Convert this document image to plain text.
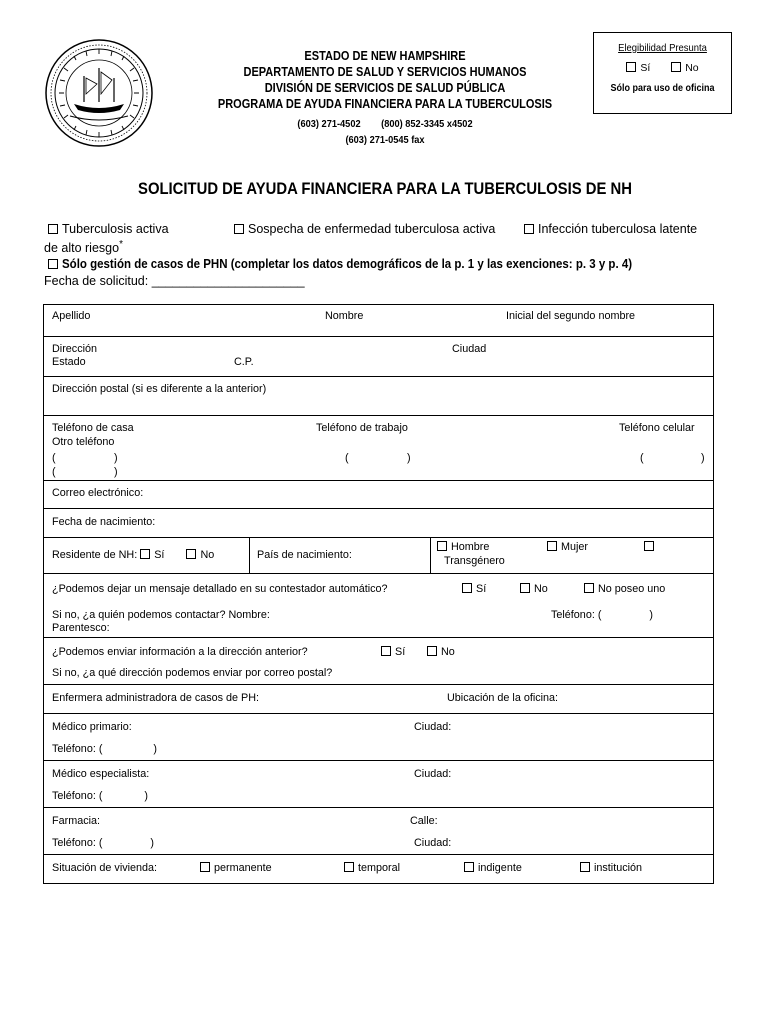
ESTADO DE NEW HAMPSHIRE
DEPARTAMENTO DE SALUD Y SERVICIOS HUMANOS
DIVISIÓN DE SERVICIOS DE SALUD PÚBLICA
PROGRAMA DE AYUDA FINANCIERA PARA LA TUBERCULOSIS
(603) 271-4502        (800) 852-3345 x4502
(603) 271-0545 fax
Elegibilidad Presunta
Sí	No
Sólo para uso de oficina
SOLICITUD DE AYUDA FINANCIERA PARA LA TUBERCULOSIS DE NH
Tuberculosis activa	Sospecha de enfermedad tuberculosa activa	Infección tuberculosa latente
de alto riesgo*
Sólo gestión de casos de PHN (completar los datos demográficos de la p. 1 y las exenciones: p. 3 y p. 4)
Fecha de solicitud: ______________________
Apellido	Nombre	Inicial del segundo nombre
Dirección	Ciudad
Estado	C.P.
Dirección postal (si es diferente a la anterior)
Teléfono de casa	Teléfono de trabajo	Teléfono celular
Otro teléfono
(	)	(	)	(	)
(	)
Correo electrónico:
Fecha de nacimiento:
Residente de NH: Sí	No	País de nacimiento:
Hombre	Mujer
Transgénero
¿Podemos dejar un mensaje detallado en su contestador automático?	Sí	No	No poseo uno
Si no, ¿a quién podemos contactar? Nombre:	Teléfono: (                )
Parentesco:
¿Podemos enviar información a la dirección anterior?	Sí	No
Si no, ¿a qué dirección podemos enviar por correo postal?
Enfermera administradora de casos de PH:	Ubicación de la oficina:
Médico primario:	Ciudad:
Teléfono: (                 )
Médico especialista:	Ciudad:
Teléfono: (              )
Farmacia:	Calle:
Teléfono: (                )	Ciudad:
Situación de vivienda:	permanente	temporal	indigente	institución
